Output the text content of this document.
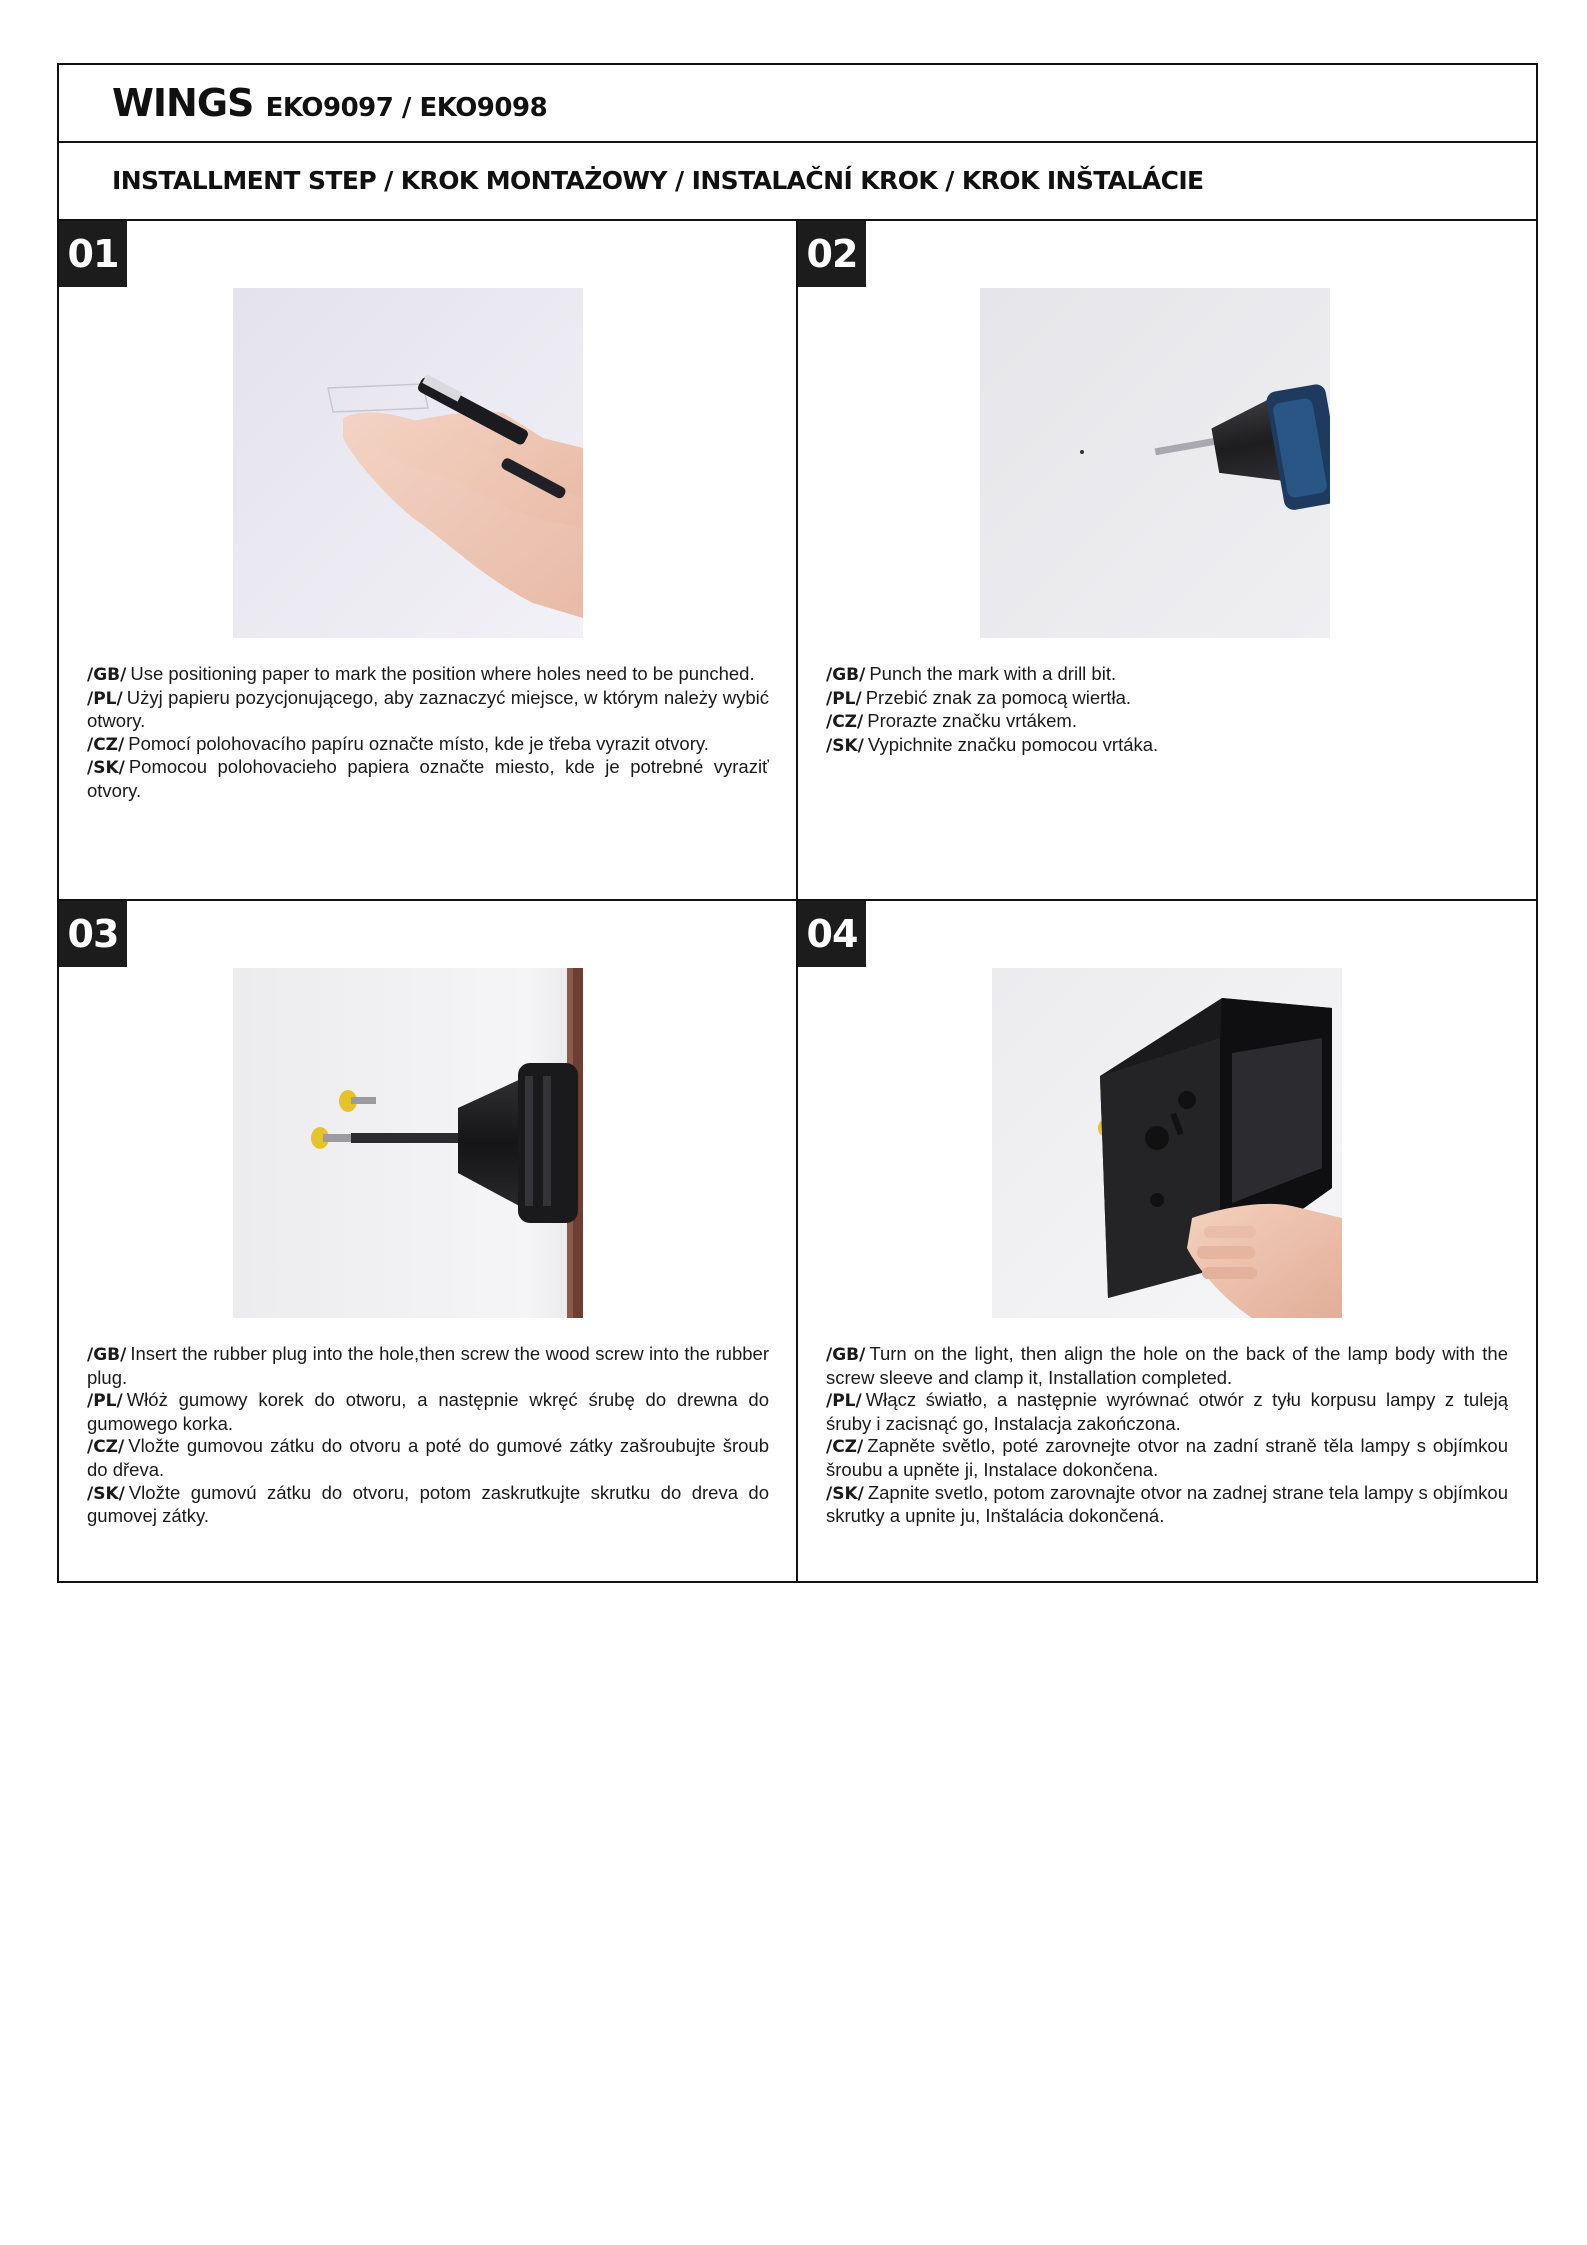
WINGS EKO9097 / EKO9098
INSTALLMENT STEP / KROK MONTAŻOWY / INSTALAČNÍ KROK / KROK INŠTALÁCIE
01

/GB/ Use positioning paper to mark the position where holes need to be punched.

/PL/ Użyj papieru pozycjonującego, aby zaznaczyć miejsce, w którym należy wybić otwory.

/CZ/ Pomocí polohovacího papíru označte místo, kde je třeba vyrazit otvory.

/SK/ Pomocou polohovacieho papiera označte miesto, kde je potrebné vyraziť otvory.

02

/GB/ Punch the mark with a drill bit.

/PL/ Przebić znak za pomocą wiertła.

/CZ/ Prorazte značku vrtákem.

/SK/ Vypichnite značku pomocou vrtáka.

03

/GB/ Insert the rubber plug into the hole,then screw the wood screw into the rubber plug.

/PL/ Włóż gumowy korek do otworu, a następnie wkręć śrubę do drewna do gumowego korka.

/CZ/ Vložte gumovou zátku do otvoru a poté do gumové zátky zašroubujte šroub do dřeva.

/SK/ Vložte gumovú zátku do otvoru, potom zaskrutkujte skrutku do dreva do gumovej zátky.

04

/GB/ Turn on the light, then align the hole on the back of the lamp body with the screw sleeve and clamp it, Installation completed.

/PL/ Włącz światło, a następnie wyrównać otwór z tyłu korpusu lampy z tuleją śruby i zacisnąć go, Instalacja zakończona.

/CZ/ Zapněte světlo, poté zarovnejte otvor na zadní straně těla lampy s objímkou šroubu a upněte ji, Instalace dokončena.

/SK/ Zapnite svetlo, potom zarovnajte otvor na zadnej strane tela lampy s objímkou skrutky a upnite ju, Inštalácia dokončená.
